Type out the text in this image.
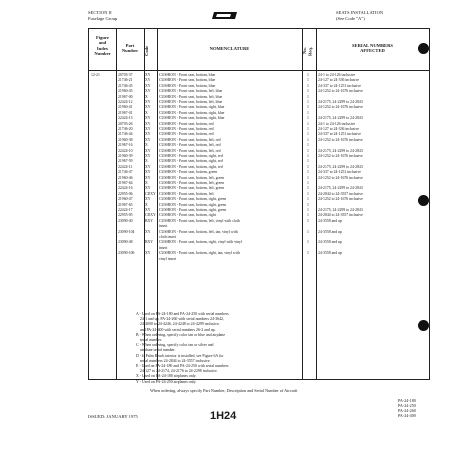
SECTION II
Fuselage Group
SEATS INSTALLATION
(See Code "A")
Figure
and
Index
Number
Part
Number	Code	NOMENCLATURE	No.
Req.
SERIAL NUMBERS
AFFECTED
12-21	20703-37	XY CUSHION - Front seat, bottom, blue	1 24-1 to 24-126 inclusive
21746-21	XY CUSHION - Front seat, bottom, blue	1 24-127 to 24-336 inclusive
21746-45	XY CUSHION - Front seat, bottom, blue	1 24-337 to 24-1251 inclusive
21960-45	XY CUSHION - Front seat, bottom, left, blue	1 24-1252 to 24-1676 inclusive
21967-00	X	CUSHION - Front seat, bottom, left, blue	1
22424-12	XY CUSHION - Front seat, bottom, left, blue	1 24-2175, 24-2299 to 24-2843
21960-41	XY CUSHION - Front seat, bottom, right, blue	1 24-1252 to 24-1676 inclusive
21967-01	X	CUSHION - Front seat, bottom, right, blue	1
22424-13	XY CUSHION - Front seat, bottom, right, blue	1 24-2175, 24-2299 to 24-2843
20703-26	XY CUSHION - Front seat, bottom, red	1 24-1 to 24-126 inclusive
21746-20	XY CUSHION - Front seat, bottom, red	1 24-127 to 24-336 inclusive
21746-44	XY CUSHION - Front seat, bottom, red	1 24-337 to 24-1251 inclusive
21960-38	XY CUSHION - Front seat, bottom, left, red	1 24-1252 to 24-1676 inclusive
21967-16	X	CUSHION - Front seat, bottom, left, red	1
22424-10	XY CUSHION - Front seat, bottom, left, red	1 24-2175, 24-2299 to 24-2843
21960-39	XY CUSHION - Front seat, bottom, right, red	1 24-1252 to 24-1676 inclusive
21967-59	X	CUSHION - Front seat, bottom, right, red	1
22424-11	XY CUSHION - Front seat, bottom, right, red	1 24-2175, 24-2299 to 24-2843
21746-47	XY CUSHION - Front seat, bottom, green	1 24-337 to 24-1251 inclusive
21960-46	XY CUSHION - Front seat, bottom, left, green	1 24-1252 to 24-1676 inclusive
21967-64	X	CUSHION - Front seat, bottom, left, green	1
22424-16	XY CUSHION - Front seat, bottom, left, green	1 24-2175, 24-2299 to 24-2843
22955-06	CDXY CUSHION - Front seat, bottom, left	1 24-2844 to 24-3557 inclusive
21960-47	XY CUSHION - Front seat, bottom, right, green	1 24-1252 to 24-1676 inclusive
21967-65	X	CUSHION - Front seat, bottom, right, green	1
22424-17	XY CUSHION - Front seat, bottom, right, green	1 24-2175, 24-2299 to 24-2843
22955-05	CDXY CUSHION - Front seat, bottom, right	1 24-2844 to 24-3557 inclusive
23090-40	BXY CUSHION - Front seat, bottom, left, vinyl with cloth	1 24-3558 and up
insert
23090-104	XY CUSHION - Front seat, bottom, left, tan, vinyl with	1 24-3558 and up
cloth insert
23090-48	BXY CUSHION - Front seat, bottom, right, vinyl with vinyl	1 24-3558 and up
insert
23090-106	XY CUSHION - Front seat, bottom, right, tan, vinyl with	1 24-3558 and up
vinyl insert
A - Used on PA-24-180 and PA-24-250 with serial numbers
24-1 and up, PA-24-260 with serial numbers 24-3642,
24-4000 to 24-4246, 24-4248 to 24-4299 inclusive,
and PA-24-400 with serial numbers 26-2 and up.
B - When ordering, specify color tan or blue and airplane
serial number.
C - When ordering, specify color tan or silver and
airplane serial number.
D - If Palm Beach interior is installed, see Figure 6A for
serial numbers 24-2844 to 24-3557 inclusive.
E - Used on PA-24-180 and PA-24-250 with serial numbers
24-127 to 24-2174, 24-2176 to 24-2298 inclusive.
X - Used on PA-24-180 airplanes only.
Y - Used on PA-24-250 airplanes only.
When ordering, always specify Part Number, Description and Serial Number of Aircraft
ISSUED: JANUARY 1975	1H24
PA-24-180
PA-24-250
PA-24-260
PA-24-400
